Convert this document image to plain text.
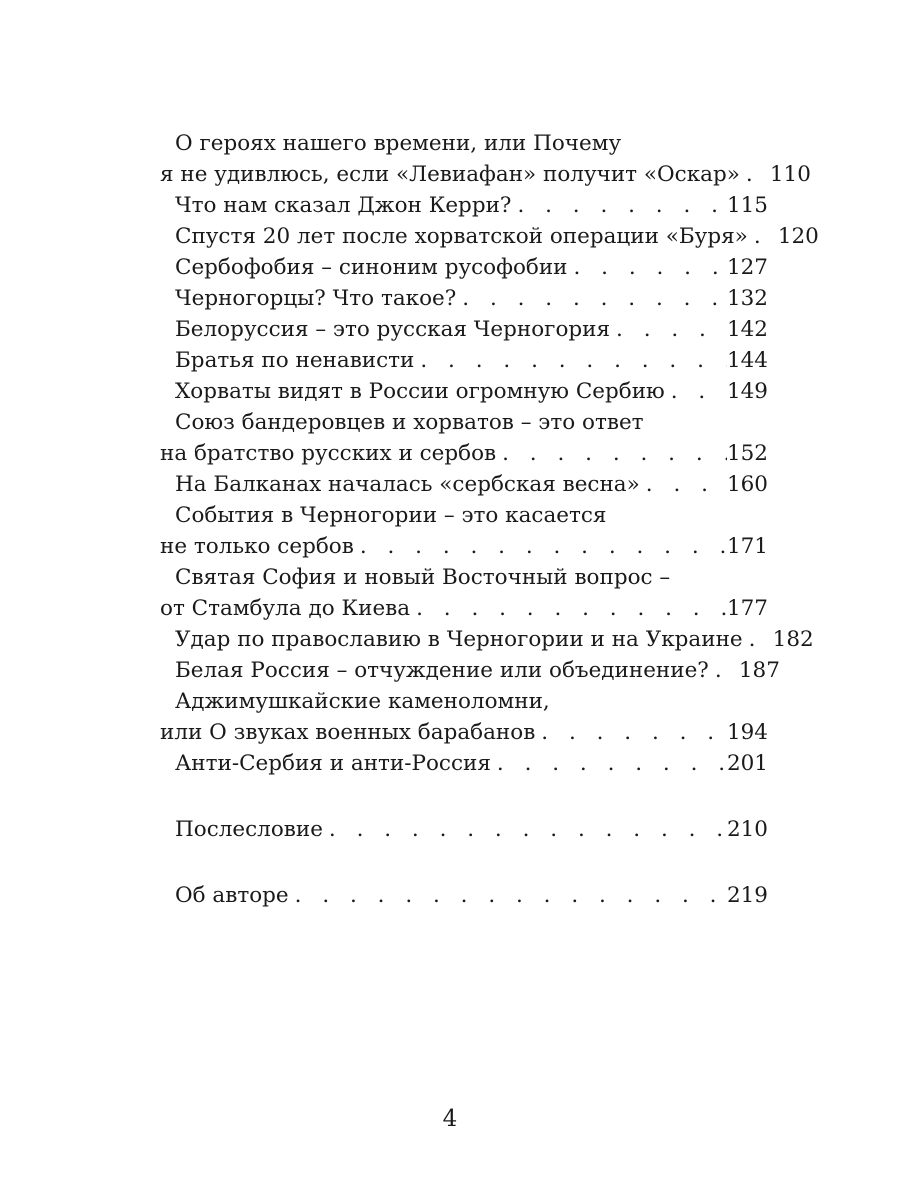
О героях нашего времени, или Почему
я не удивлюсь, если «Левиафан» получит «Оскар» . . . 110
Что нам сказал Джон Керри? . . .	115
Спустя 20 лет после хорватской операции «Буря» . . . 120
Сербофобия – синоним русофобии . . .	127
Черногорцы? Что такое? . . .	132
Белоруссия – это русская Черногория . . .	142
Братья по ненависти . . .	144
Хорваты видят в России огромную Сербию . . .	149
Союз бандеровцев и хорватов – это ответ
на братство русских и сербов . . .	152
На Балканах началась «сербская весна» . . .	160
События в Черногории – это касается
не только сербов . . .	171
Святая София и новый Восточный вопрос –
от Стамбула до Киева . . .	177
Удар по православию в Черногории и на Украине . . . 182
Белая Россия – отчуждение или объединение? . . . 187
Аджимушкайские каменоломни,
или О звуках военных барабанов . . .	194
Анти-Сербия и анти-Россия . . .	201
Послесловие . . .	210
Об авторе . . .	219
4
